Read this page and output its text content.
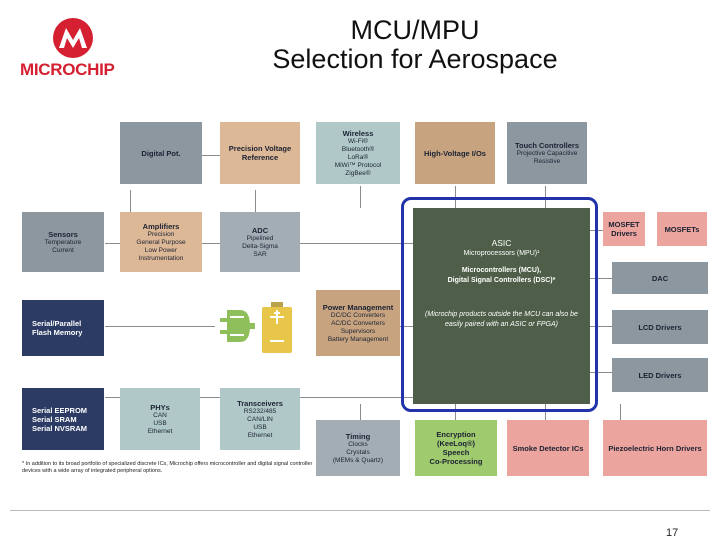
MICROCHIP
MCU/MPU
Selection for Aerospace
Digital Pot.	Precision Voltage Reference
Wireless
Wi-Fi®
Bluetooth®
LoRa®
MiWi™ Protocol
ZigBee®
High-Voltage I/Os
Touch Controllers
Projective Capacitive
Resistive
Sensors
Temperature
Current
Amplifiers
Precision
General Purpose
Low Power
Instrumentation
ADC
Pipelined
Delta-Sigma
SAR
MOSFET Drivers	MOSFETs
DAC
Serial/Parallel Flash Memory
Power Management
DC/DC Converters
AC/DC Converters
Supervisors
Battery Management
LCD Drivers
LED Drivers
ASIC
Microprocessors (MPU)¹
Microcontrollers (MCU),
Digital Signal Controllers (DSC)*
(Microchip products outside the MCU can also be easily paired with an ASIC or FPGA)
Serial EEPROM
Serial SRAM
Serial NVSRAM
PHYs
CAN
USB
Ethernet
Transceivers
RS232/485
CAN/LIN
USB
Ethernet	Timing
Clocks
Crystals
(MEMs & Quartz)
Encryption
(KeeLoq®)
Speech
Co-Processing
Smoke Detector ICs	Piezoelectric Horn Drivers
* In addition to its broad portfolio of specialized discrete ICs, Microchip offers microcontroller and digital signal controller devices with a wide array of integrated peripheral options.
17
